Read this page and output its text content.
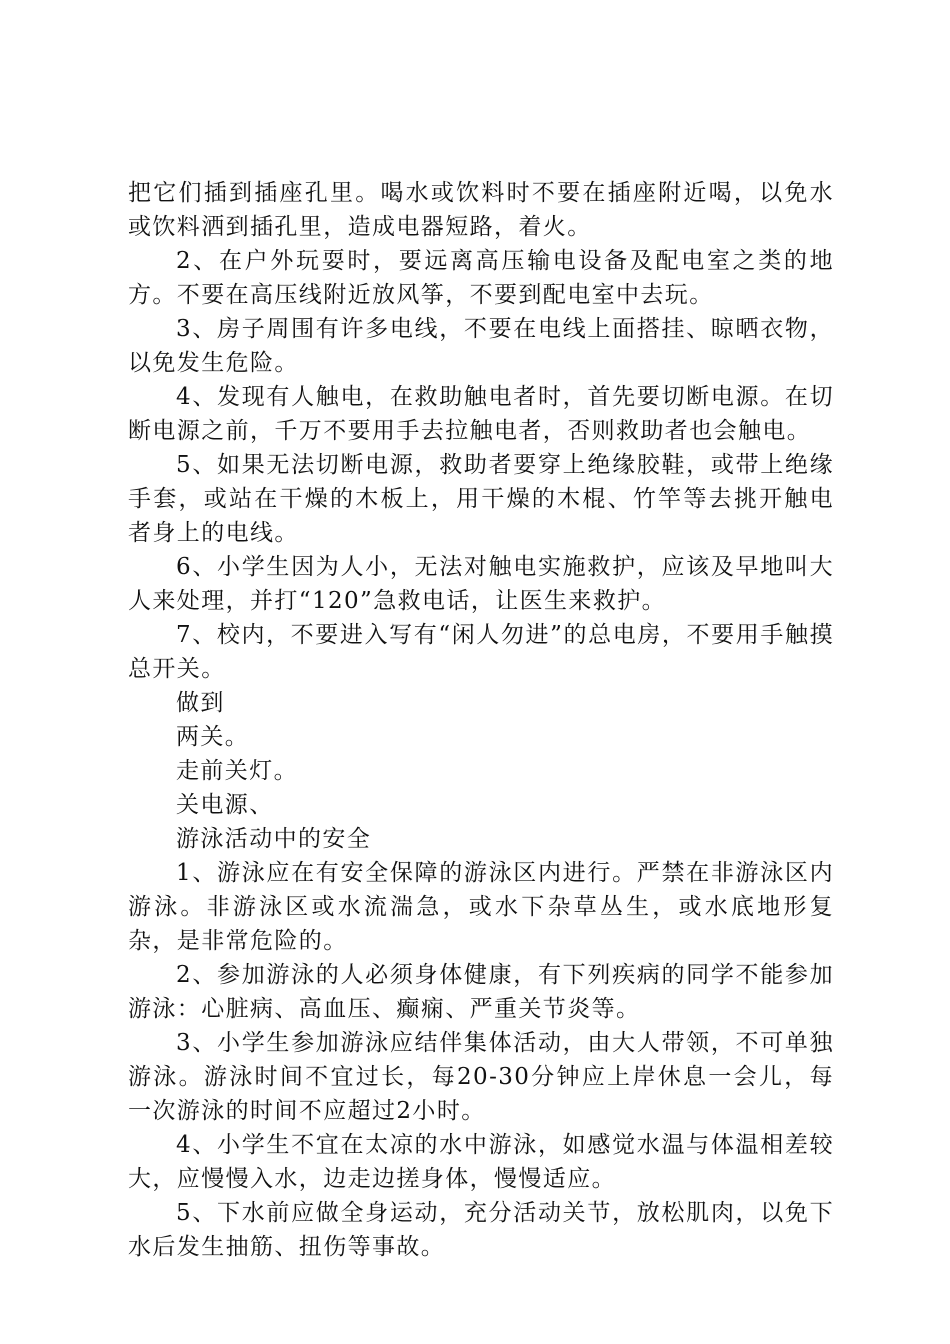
把它们插到插座孔里。喝水或饮料时不要在插座附近喝，以免水或饮料洒到插孔里，造成电器短路，着火。

2、在户外玩耍时，要远离高压输电设备及配电室之类的地方。不要在高压线附近放风筝，不要到配电室中去玩。

3、房子周围有许多电线，不要在电线上面搭挂、晾晒衣物，以免发生危险。

4、发现有人触电，在救助触电者时，首先要切断电源。在切断电源之前，千万不要用手去拉触电者，否则救助者也会触电。

5、如果无法切断电源，救助者要穿上绝缘胶鞋，或带上绝缘手套，或站在干燥的木板上，用干燥的木棍、竹竿等去挑开触电者身上的电线。

6、小学生因为人小，无法对触电实施救护，应该及早地叫大人来处理，并打“120”急救电话，让医生来救护。

7、校内，不要进入写有“闲人勿进”的总电房，不要用手触摸总开关。

做到

两关。

走前关灯。

关电源、

游泳活动中的安全

1、游泳应在有安全保障的游泳区内进行。严禁在非游泳区内游泳。非游泳区或水流湍急，或水下杂草丛生，或水底地形复杂，是非常危险的。

2、参加游泳的人必须身体健康，有下列疾病的同学不能参加游泳：心脏病、高血压、癫痫、严重关节炎等。

3、小学生参加游泳应结伴集体活动，由大人带领，不可单独游泳。游泳时间不宜过长，每20-30分钟应上岸休息一会儿，每一次游泳的时间不应超过2小时。

4、小学生不宜在太凉的水中游泳，如感觉水温与体温相差较大，应慢慢入水，边走边搓身体，慢慢适应。

5、下水前应做全身运动，充分活动关节，放松肌肉，以免下水后发生抽筋、扭伤等事故。
